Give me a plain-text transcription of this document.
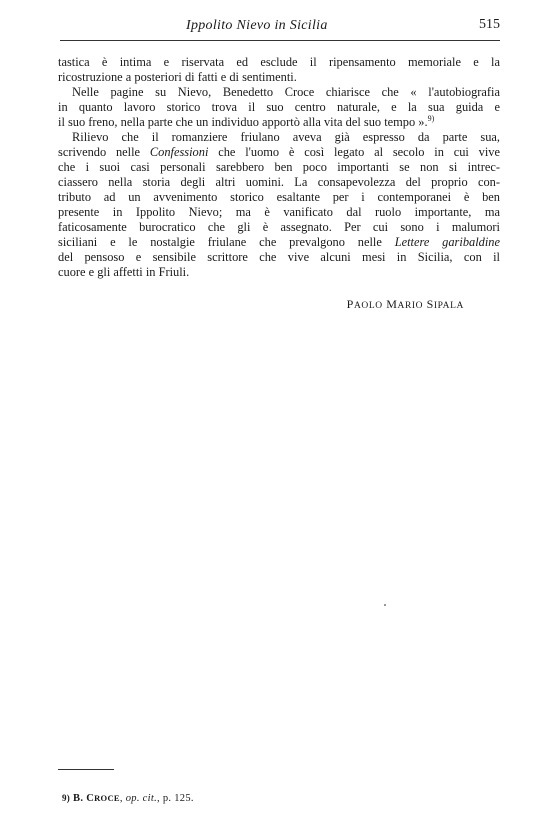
Ippolito Nievo in Sicilia	515
tastica è intima e riservata ed esclude il ripensamento memoriale e la
ricostruzione a posteriori di fatti e di sentimenti.
Nelle pagine su Nievo, Benedetto Croce chiarisce che « l'autobiografia
in quanto lavoro storico trova il suo centro naturale, e la sua guida e
il suo freno, nella parte che un individuo apportò alla vita del suo tempo ».$^{9)}$
Rilievo che il romanziere friulano aveva già espresso da parte sua,
scrivendo nelle Confessioni che l'uomo è così legato al secolo in cui vive
che i suoi casi personali sarebbero ben poco importanti se non si intrec-
ciassero nella storia degli altri uomini. La consapevolezza del proprio con-
tributo ad un avvenimento storico esaltante per i contemporanei è ben
presente in Ippolito Nievo; ma è vanificato dal ruolo importante, ma
faticosamente burocratico che gli è assegnato. Per cui sono i malumori
siciliani e le nostalgie friulane che prevalgono nelle Lettere garibaldine
del pensoso e sensibile scrittore che vive alcuni mesi in Sicilia, con il
cuore e gli affetti in Friuli.
PAOLO MARIO SIPALA
9) B. CROCE, op. cit., p. 125.
